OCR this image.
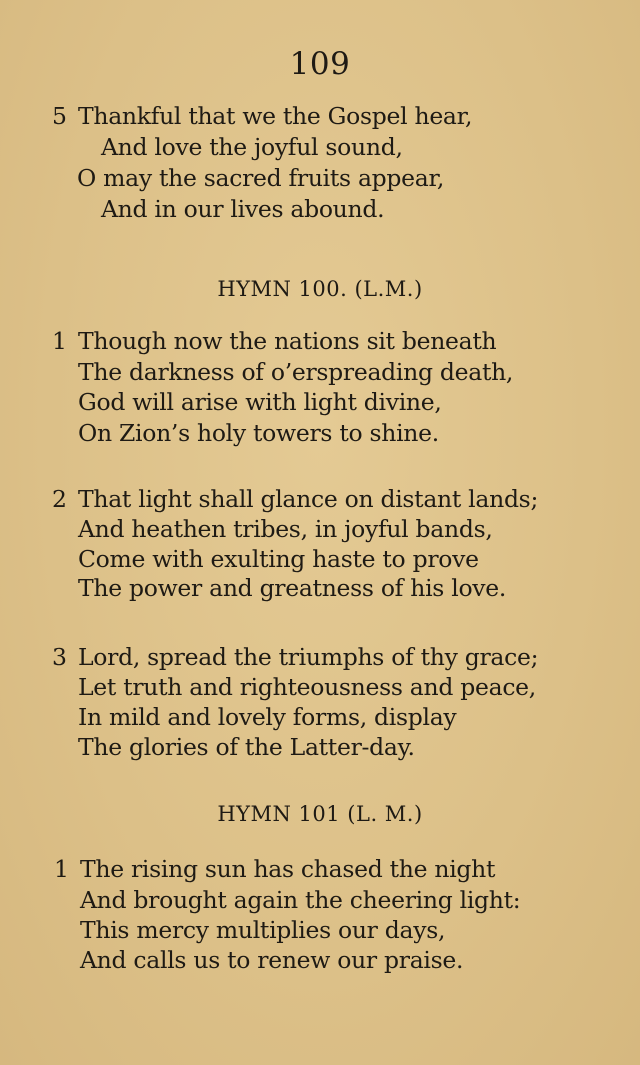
109
5 Thankful that we the Gospel hear,
And love the joyful sound,
O may the sacred fruits appear,
And in our lives abound.
HYMN 100. (L.M.)
1 Though now the nations sit beneath
The darkness of o’erspreading death,
God will arise with light divine,
On Zion’s holy towers to shine.
2 That light shall glance on distant lands;
And heathen tribes, in joyful bands,
Come with exulting haste to prove
The power and greatness of his love.
3 Lord, spread the triumphs of thy grace;
Let truth and righteousness and peace,
In mild and lovely forms, display
The glories of the Latter-day.
HYMN 101 (L. M.)
1 The rising sun has chased the night
And brought again the cheering light:
This mercy multiplies our days,
And calls us to renew our praise.
